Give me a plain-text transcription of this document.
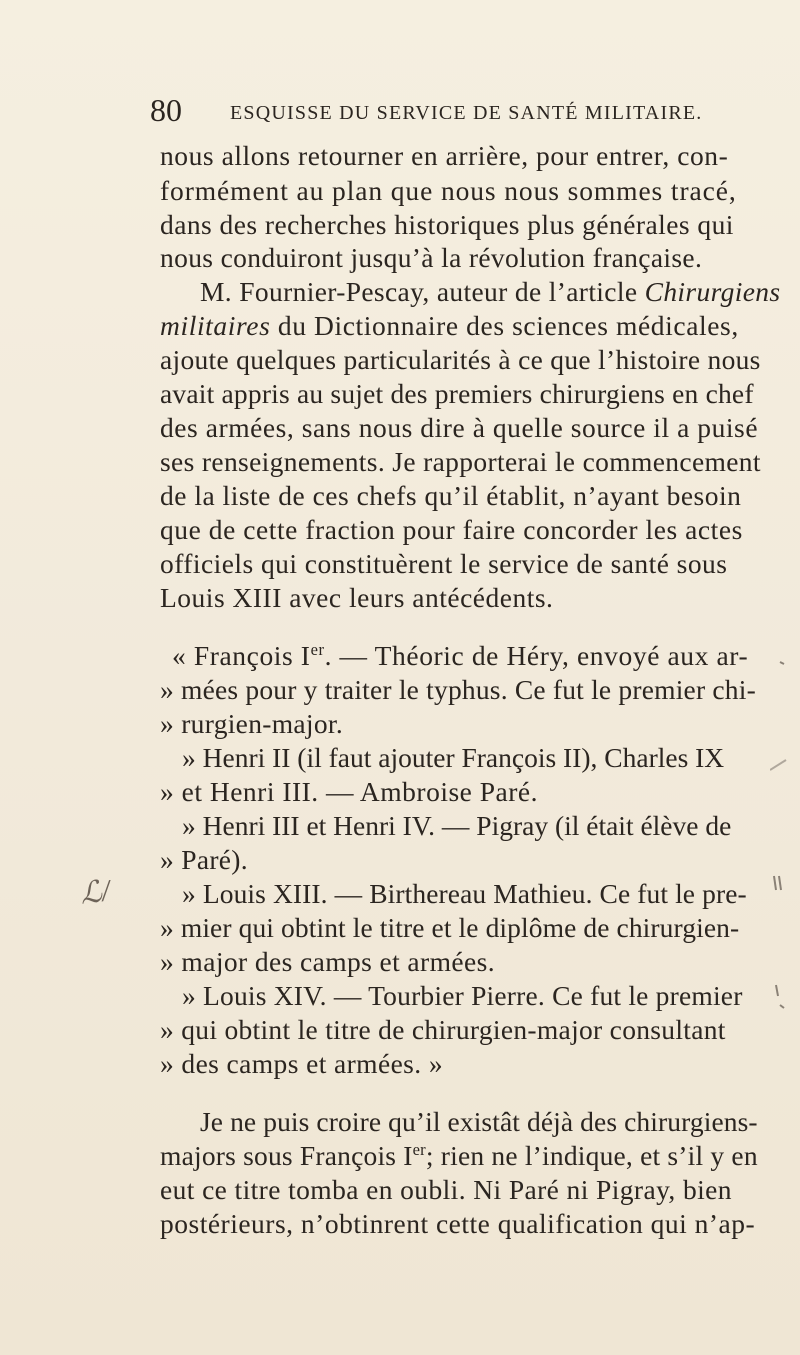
80 ESQUISSE DU SERVICE DE SANTÉ MILITAIRE.
nous allons retourner en arrière, pour entrer, con-
formément au plan que nous nous sommes tracé,
dans des recherches historiques plus générales qui
nous conduiront jusqu’à la révolution française.
M. Fournier-Pescay, auteur de l’article Chirurgiens
militaires du Dictionnaire des sciences médicales,
ajoute quelques particularités à ce que l’histoire nous
avait appris au sujet des premiers chirurgiens en chef
des armées, sans nous dire à quelle source il a puisé
ses renseignements. Je rapporterai le commencement
de la liste de ces chefs qu’il établit, n’ayant besoin
que de cette fraction pour faire concorder les actes
officiels qui constituèrent le service de santé sous
Louis XIII avec leurs antécédents.
« François Ier. — Théoric de Héry, envoyé aux ar-
» mées pour y traiter le typhus. Ce fut le premier chi-
» rurgien-major.
» Henri II (il faut ajouter François II), Charles IX
» et Henri III. — Ambroise Paré.
» Henri III et Henri IV. — Pigray (il était élève de
» Paré).
» Louis XIII. — Birthereau Mathieu. Ce fut le pre-
» mier qui obtint le titre et le diplôme de chirurgien-
» major des camps et armées.
» Louis XIV. — Tourbier Pierre. Ce fut le premier
» qui obtint le titre de chirurgien-major consultant
» des camps et armées. »
Je ne puis croire qu’il existât déjà des chirurgiens-
majors sous François Ier; rien ne l’indique, et s’il y en
eut ce titre tomba en oubli. Ni Paré ni Pigray, bien
postérieurs, n’obtinrent cette qualification qui n’ap-
ℒ/
